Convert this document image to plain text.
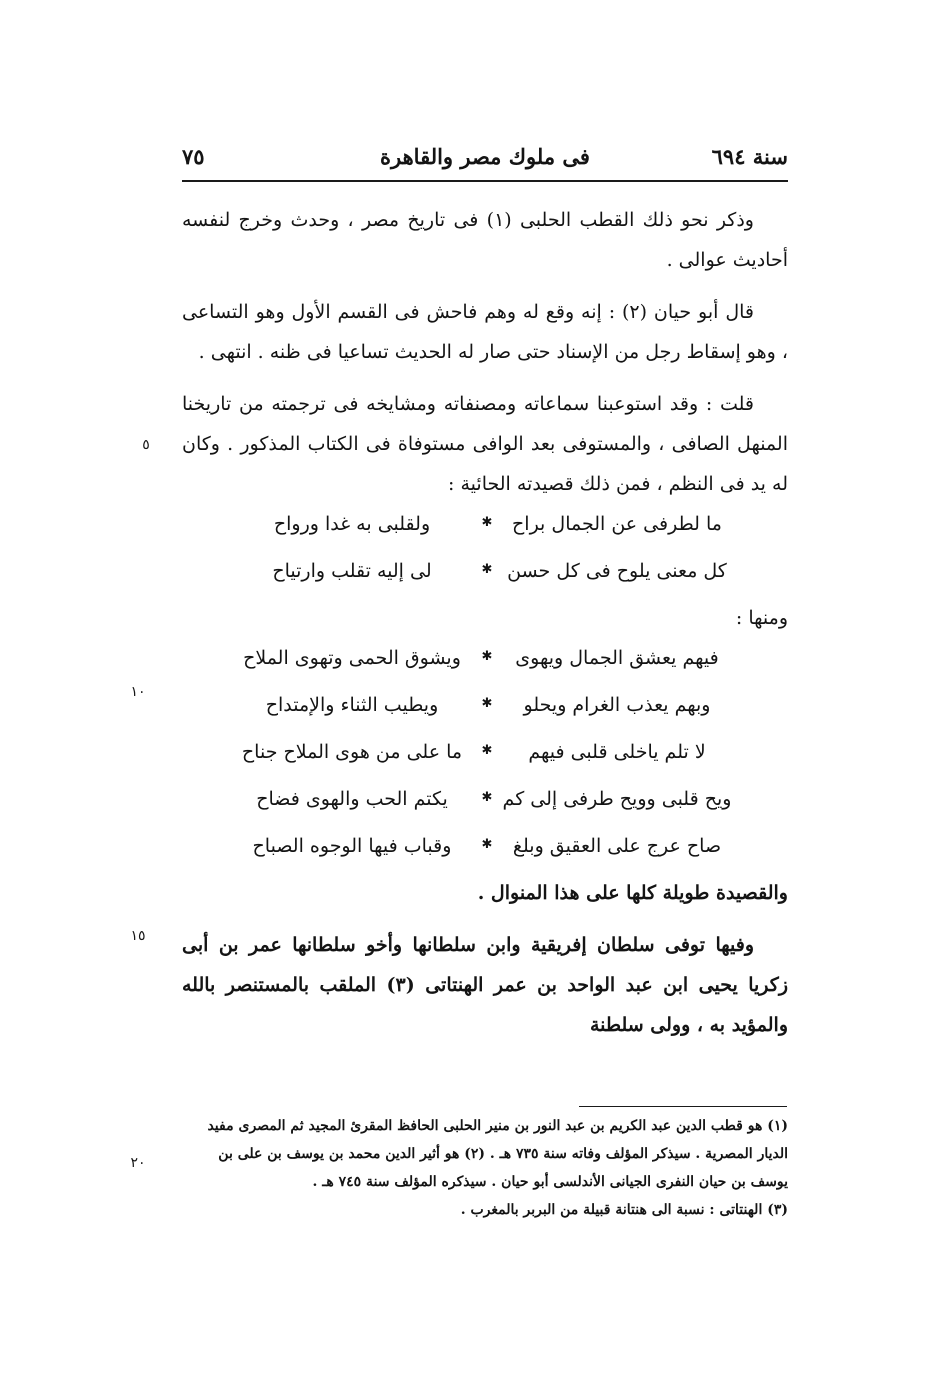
سنة ٦٩٤
فى ملوك مصر والقاهرة
٧٥

وذكر نحو ذلك القطب الحلبى (١) فى تاريخ مصر ، وحدث وخرج لنفسه أحاديث عوالى .

قال أبو حيان (٢) : إنه وقع له وهم فاحش فى القسم الأول وهو التساعى ، وهو إسقاط رجل من الإسناد حتى صار له الحديث تساعيا فى ظنه . انتهى .

قلت : وقد استوعبنا سماعاته ومصنفاته ومشايخه فى ترجمته من تاريخنا المنهل الصافى ، والمستوفى بعد الوافى مستوفاة فى الكتاب المذكور . وكان له يد فى النظم ، فمن ذلك قصيدته الحائية :

ما لطرفى عن الجمال براح
✱
ولقلبى به غدا ورواح
كل معنى يلوح فى كل حسن
✱
لى إليه تقلب وارتياح

ومنها :

فيهم يعشق الجمال ويهوى
✱
ويشوق الحمى وتهوى الملاح
وبهم يعذب الغرام ويحلو
✱
ويطيب الثناء والإمتداح
لا تلم ياخلى قلبى فيهم
✱
ما على من هوى الملاح جناح
ويح قلبى وويح طرفى إلى كم
✱
يكتم الحب والهوى فضاح
صاح عرج على العقيق وبلغ
✱
وقباب فيها الوجوه الصباح

والقصيدة طويلة كلها على هذا المنوال .

وفيها توفى سلطان إفريقية وابن سلطانها وأخو سلطانها عمر بن أبى زكريا يحيى ابن عبد الواحد بن عمر الهنتاتى (٣) الملقب بالمستنصر بالله والمؤيد به ، وولى سلطنة

٥
١٠
١٥
٢٠

(١) هو قطب الدين عبد الكريم بن عبد النور بن منير الحلبى الحافظ المقرئ المجيد ثم المصرى مفيد الديار المصرية . سيذكر المؤلف وفاته سنة ٧٣٥ هـ . (٢) هو أثير الدين محمد بن يوسف بن على بن يوسف بن حيان النفرى الجيانى الأندلسى أبو حيان . سيذكره المؤلف سنة ٧٤٥ هـ .

(٣) الهنتاتى : نسبة الى هنتانة قبيلة من البربر بالمغرب .
